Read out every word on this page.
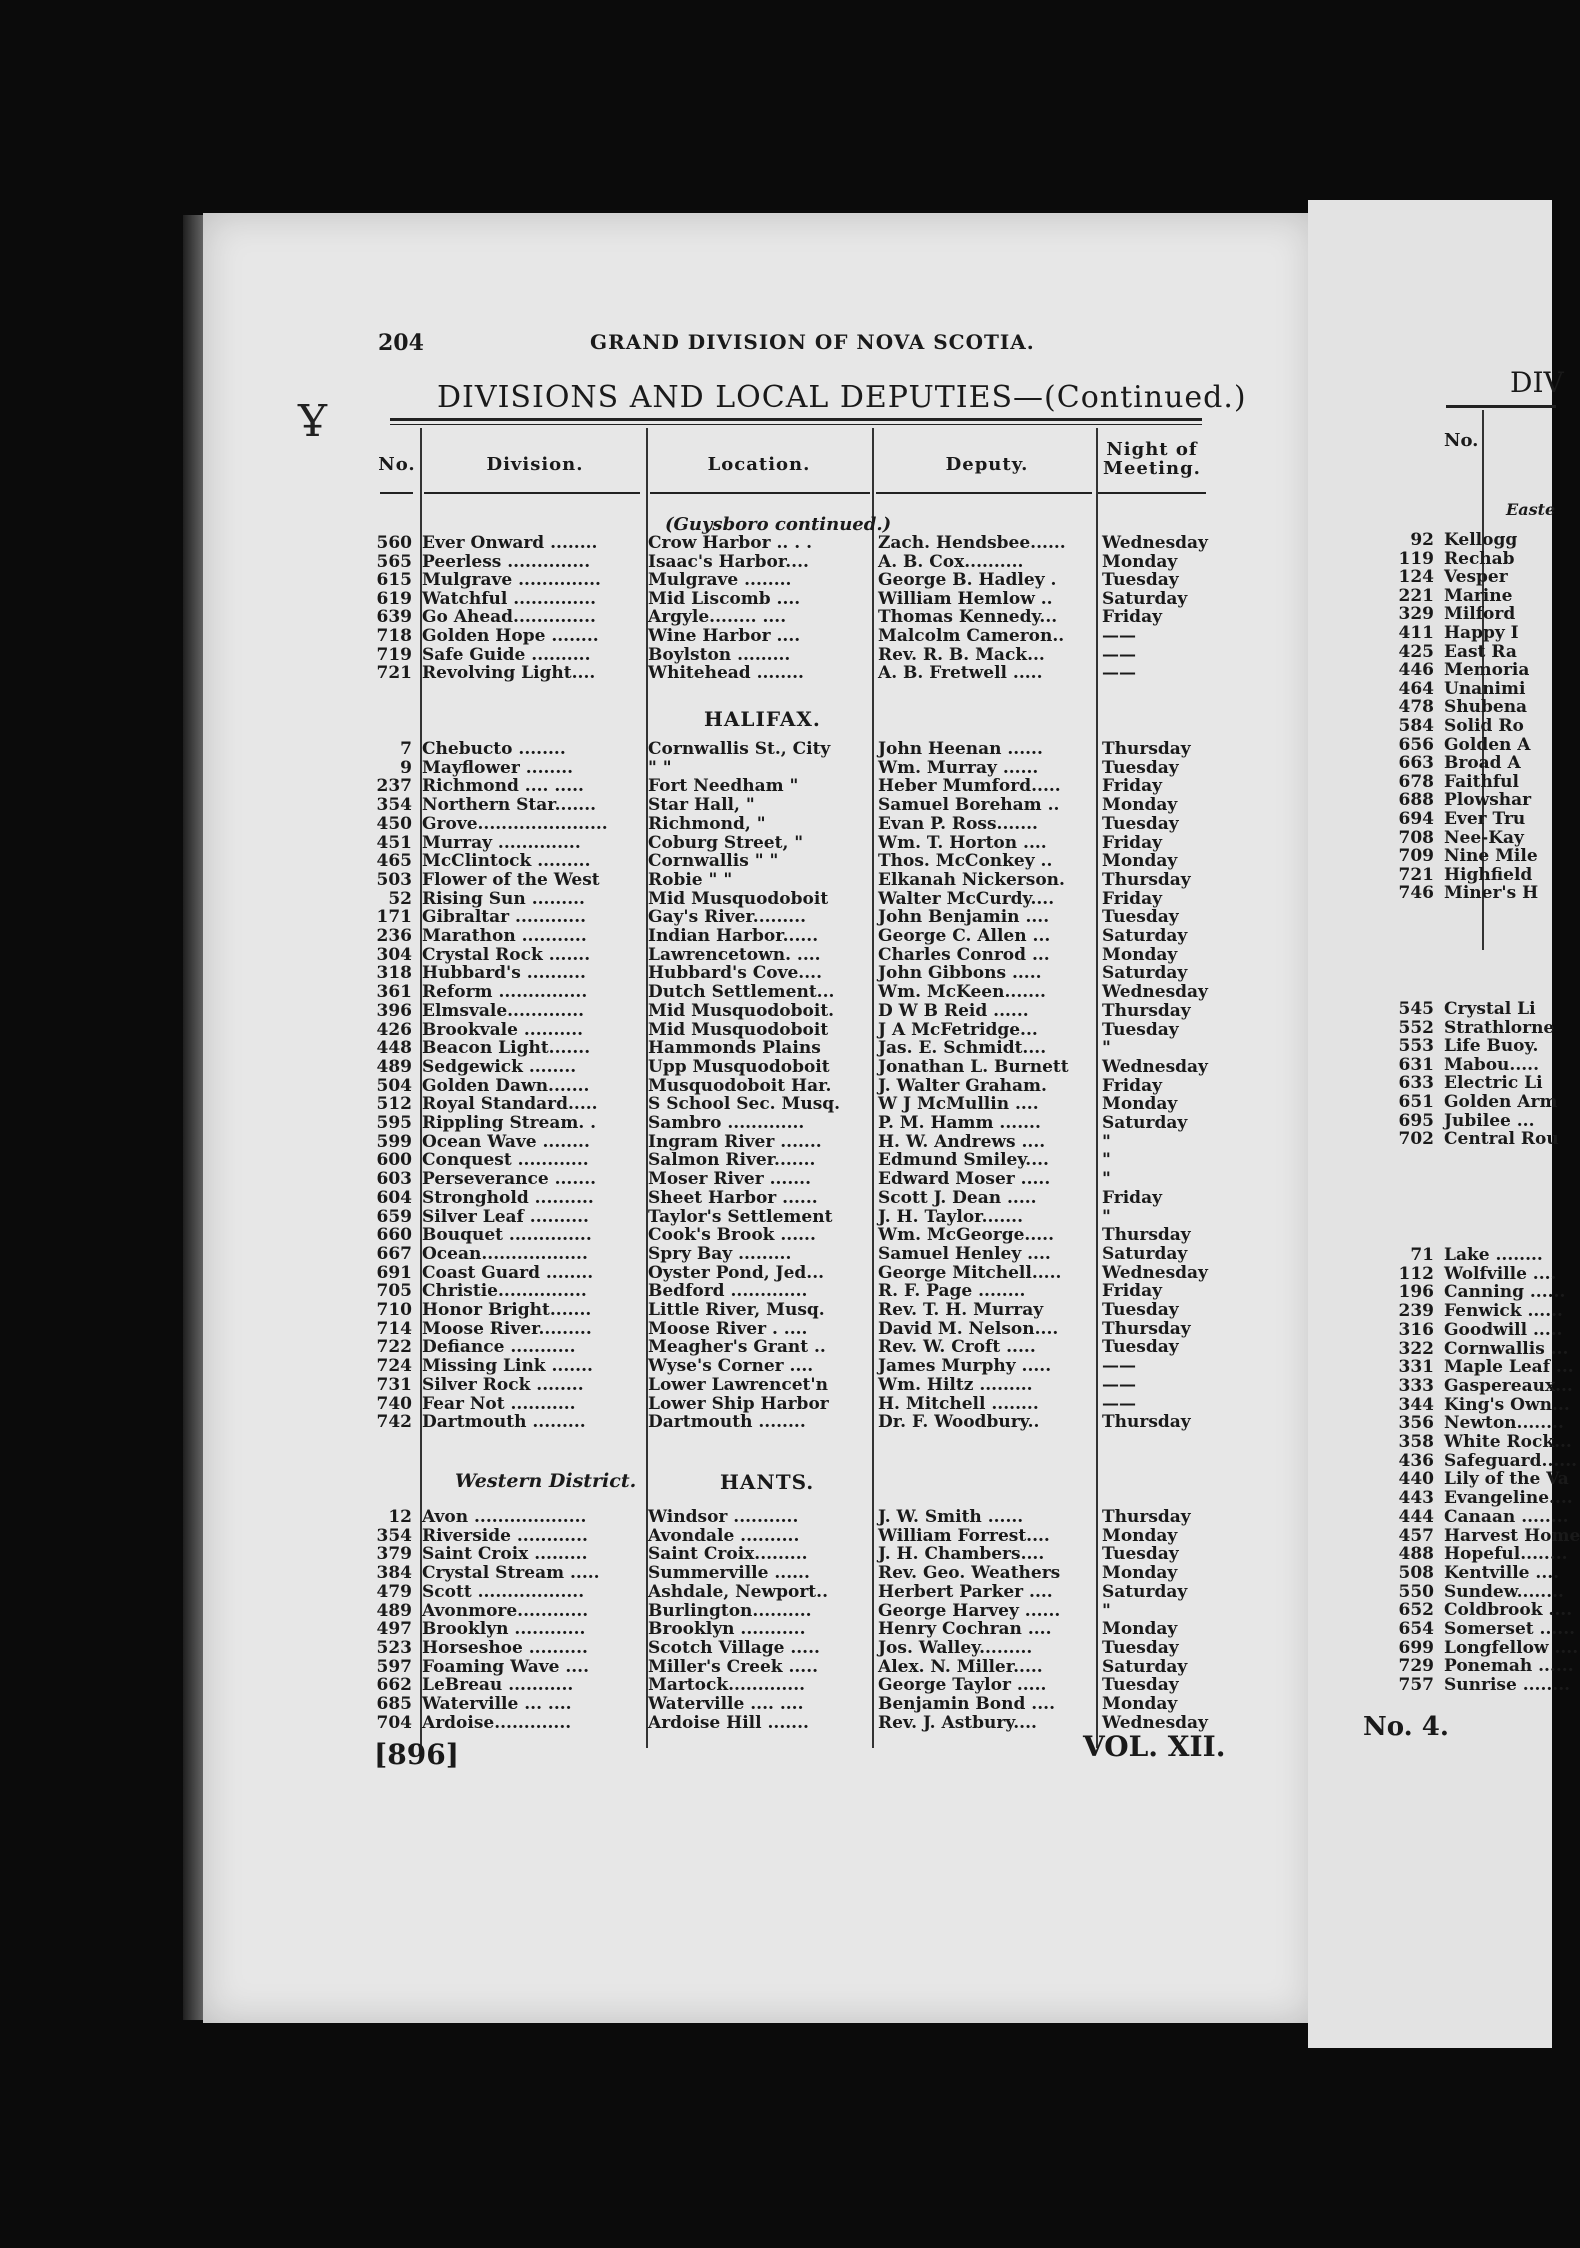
204	GRAND DIVISION OF NOVA SCOTIA.
Ұ	DIVISIONS AND LOCAL DEPUTIES—(Continued.)
No.	Division.	Location.	Deputy.
Night of Meeting.
(Guysboro continued.)
560 Ever Onward ........	Crow Harbor .. . .	Zach. Hendsbee......	Wednesday
565 Peerless ..............	Isaac's Harbor....	A. B. Cox..........	Monday
615 Mulgrave ..............	Mulgrave ........	George B. Hadley .	Tuesday
619 Watchful ..............	Mid Liscomb ....	William Hemlow ..	Saturday
639 Go Ahead..............	Argyle........ ....	Thomas Kennedy...	Friday
718 Golden Hope ........	Wine Harbor ....	Malcolm Cameron..	——
719 Safe Guide ..........	Boylston .........	Rev. R. B. Mack...	——
721 Revolving Light....	Whitehead ........	A. B. Fretwell .....	——
HALIFAX.
7 Chebucto ........	Cornwallis St., City	John Heenan ......	Thursday
9 Mayflower ........	" "	Wm. Murray ......	Tuesday
237 Richmond .... .....	Fort Needham "	Heber Mumford.....	Friday
354 Northern Star.......	Star Hall, "	Samuel Boreham ..	Monday
450 Grove......................	Richmond, "	Evan P. Ross.......	Tuesday
451 Murray ..............	Coburg Street, "	Wm. T. Horton ....	Friday
465 McClintock .........	Cornwallis " "	Thos. McConkey ..	Monday
503 Flower of the West	Robie " "	Elkanah Nickerson.	Thursday
52 Rising Sun .........	Mid Musquodoboit	Walter McCurdy....	Friday
171 Gibraltar ............	Gay's River.........	John Benjamin ....	Tuesday
236 Marathon ...........	Indian Harbor......	George C. Allen ...	Saturday
304 Crystal Rock .......	Lawrencetown. ....	Charles Conrod ...	Monday
318 Hubbard's ..........	Hubbard's Cove....	John Gibbons .....	Saturday
361 Reform ...............	Dutch Settlement...	Wm. McKeen.......	Wednesday
396 Elmsvale.............	Mid Musquodoboit.	D W B Reid ......	Thursday
426 Brookvale ..........	Mid Musquodoboit	J A McFetridge...	Tuesday
448 Beacon Light.......	Hammonds Plains	Jas. E. Schmidt....	"
489 Sedgewick ........	Upp Musquodoboit	Jonathan L. Burnett	Wednesday
504 Golden Dawn.......	Musquodoboit Har.	J. Walter Graham.	Friday
512 Royal Standard.....	S School Sec. Musq.	W J McMullin ....	Monday
595 Rippling Stream. .	Sambro .............	P. M. Hamm .......	Saturday
599 Ocean Wave ........	Ingram River .......	H. W. Andrews ....	"
600 Conquest ............	Salmon River.......	Edmund Smiley....	"
603 Perseverance .......	Moser River .......	Edward Moser .....	"
604 Stronghold ..........	Sheet Harbor ......	Scott J. Dean .....	Friday
659 Silver Leaf ..........	Taylor's Settlement	J. H. Taylor.......	"
660 Bouquet ..............	Cook's Brook ......	Wm. McGeorge.....	Thursday
667 Ocean..................	Spry Bay .........	Samuel Henley ....	Saturday
691 Coast Guard ........	Oyster Pond, Jed...	George Mitchell.....	Wednesday
705 Christie...............	Bedford .............	R. F. Page ........	Friday
710 Honor Bright.......	Little River, Musq.	Rev. T. H. Murray	Tuesday
714 Moose River.........	Moose River . ....	David M. Nelson....	Thursday
722 Defiance ...........	Meagher's Grant ..	Rev. W. Croft .....	Tuesday
724 Missing Link .......	Wyse's Corner ....	James Murphy .....	——
731 Silver Rock ........	Lower Lawrencet'n	Wm. Hiltz .........	——
740 Fear Not ...........	Lower Ship Harbor	H. Mitchell ........	——
742 Dartmouth .........	Dartmouth ........	Dr. F. Woodbury..	Thursday
Western District.	HANTS.
12 Avon ...................	Windsor ...........	J. W. Smith ......	Thursday
354 Riverside ............	Avondale ..........	William Forrest....	Monday
379 Saint Croix .........	Saint Croix.........	J. H. Chambers....	Tuesday
384 Crystal Stream .....	Summerville ......	Rev. Geo. Weathers	Monday
479 Scott ..................	Ashdale, Newport..	Herbert Parker ....	Saturday
489 Avonmore............	Burlington..........	George Harvey ......	"
497 Brooklyn ............	Brooklyn ...........	Henry Cochran ....	Monday
523 Horseshoe ..........	Scotch Village .....	Jos. Walley.........	Tuesday
597 Foaming Wave ....	Miller's Creek .....	Alex. N. Miller.....	Saturday
662 LeBreau ...........	Martock.............	George Taylor .....	Tuesday
685 Waterville ... ....	Waterville .... ....	Benjamin Bond ....	Monday
704 Ardoise.............	Ardoise Hill .......	Rev. J. Astbury....	Wednesday
[896]	VOL. XII.
DIV
No.
Easte
92 Kellogg
119 Rechab
124 Vesper
221 Marine
329 Milford
411 Happy I
425 East Ra
446 Memoria
464 Unanimi
478 Shubena
584 Solid Ro
656 Golden A
663 Broad A
678 Faithful
688 Plowshar
694 Ever Tru
708 Nee-Kay
709 Nine Mile
721 Highfield
746 Miner's H
545 Crystal Li
552 Strathlorne
553 Life Buoy.
631 Mabou.....
633 Electric Li
651 Golden Arm
695 Jubilee ...
702 Central Rou
71 Lake ........
112 Wolfville ....
196 Canning ......
239 Fenwick ......
316 Goodwill .....
322 Cornwallis ...
331 Maple Leaf ...
333 Gaspereaux...
344 King's Own...
356 Newton........
358 White Rock...
436 Safeguard......
440 Lily of the Va
443 Evangeline....
444 Canaan ........
457 Harvest Home
488 Hopeful........
508 Kentville ....
550 Sundew........
652 Coldbrook ....
654 Somerset ......
699 Longfellow ....
729 Ponemah ......
757 Sunrise ........
No. 4.
